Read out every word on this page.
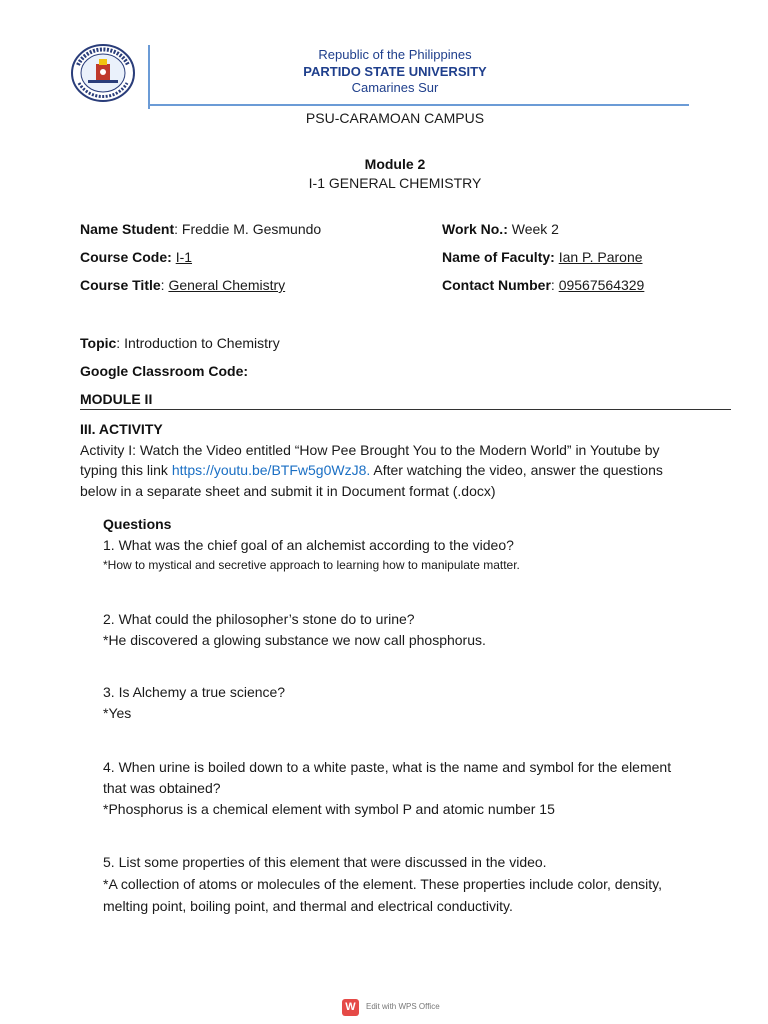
Republic of the Philippines
PARTIDO STATE UNIVERSITY
Camarines Sur
PSU-CARAMOAN CAMPUS
Module 2
I-1 GENERAL CHEMISTRY
Name Student: Freddie M. Gesmundo
Course Code: I-1
Course Title: General Chemistry
Work No.: Week 2
Name of Faculty: Ian P. Parone
Contact Number: 09567564329
Topic: Introduction to Chemistry
Google Classroom Code:
MODULE II
III. ACTIVITY
Activity I: Watch the Video entitled “How Pee Brought You to the Modern World” in Youtube by
typing this link https://youtu.be/BTFw5g0WzJ8. After watching the video, answer the questions
below in a separate sheet and submit it in Document format (.docx)
Questions
1. What was the chief goal of an alchemist according to the video?
*How to mystical and secretive approach to learning how to manipulate matter.
2. What could the philosopher’s stone do to urine?
*He discovered a glowing substance we now call phosphorus.
3. Is Alchemy a true science?
*Yes
4. When urine is boiled down to a white paste, what is the name and symbol for the element
that was obtained?
*Phosphorus is a chemical element with symbol P and atomic number 15
5. List some properties of this element that were discussed in the video.
*A collection of atoms or molecules of the element. These properties include color, density,
melting point, boiling point, and thermal and electrical conductivity.
W	Edit with WPS Office
